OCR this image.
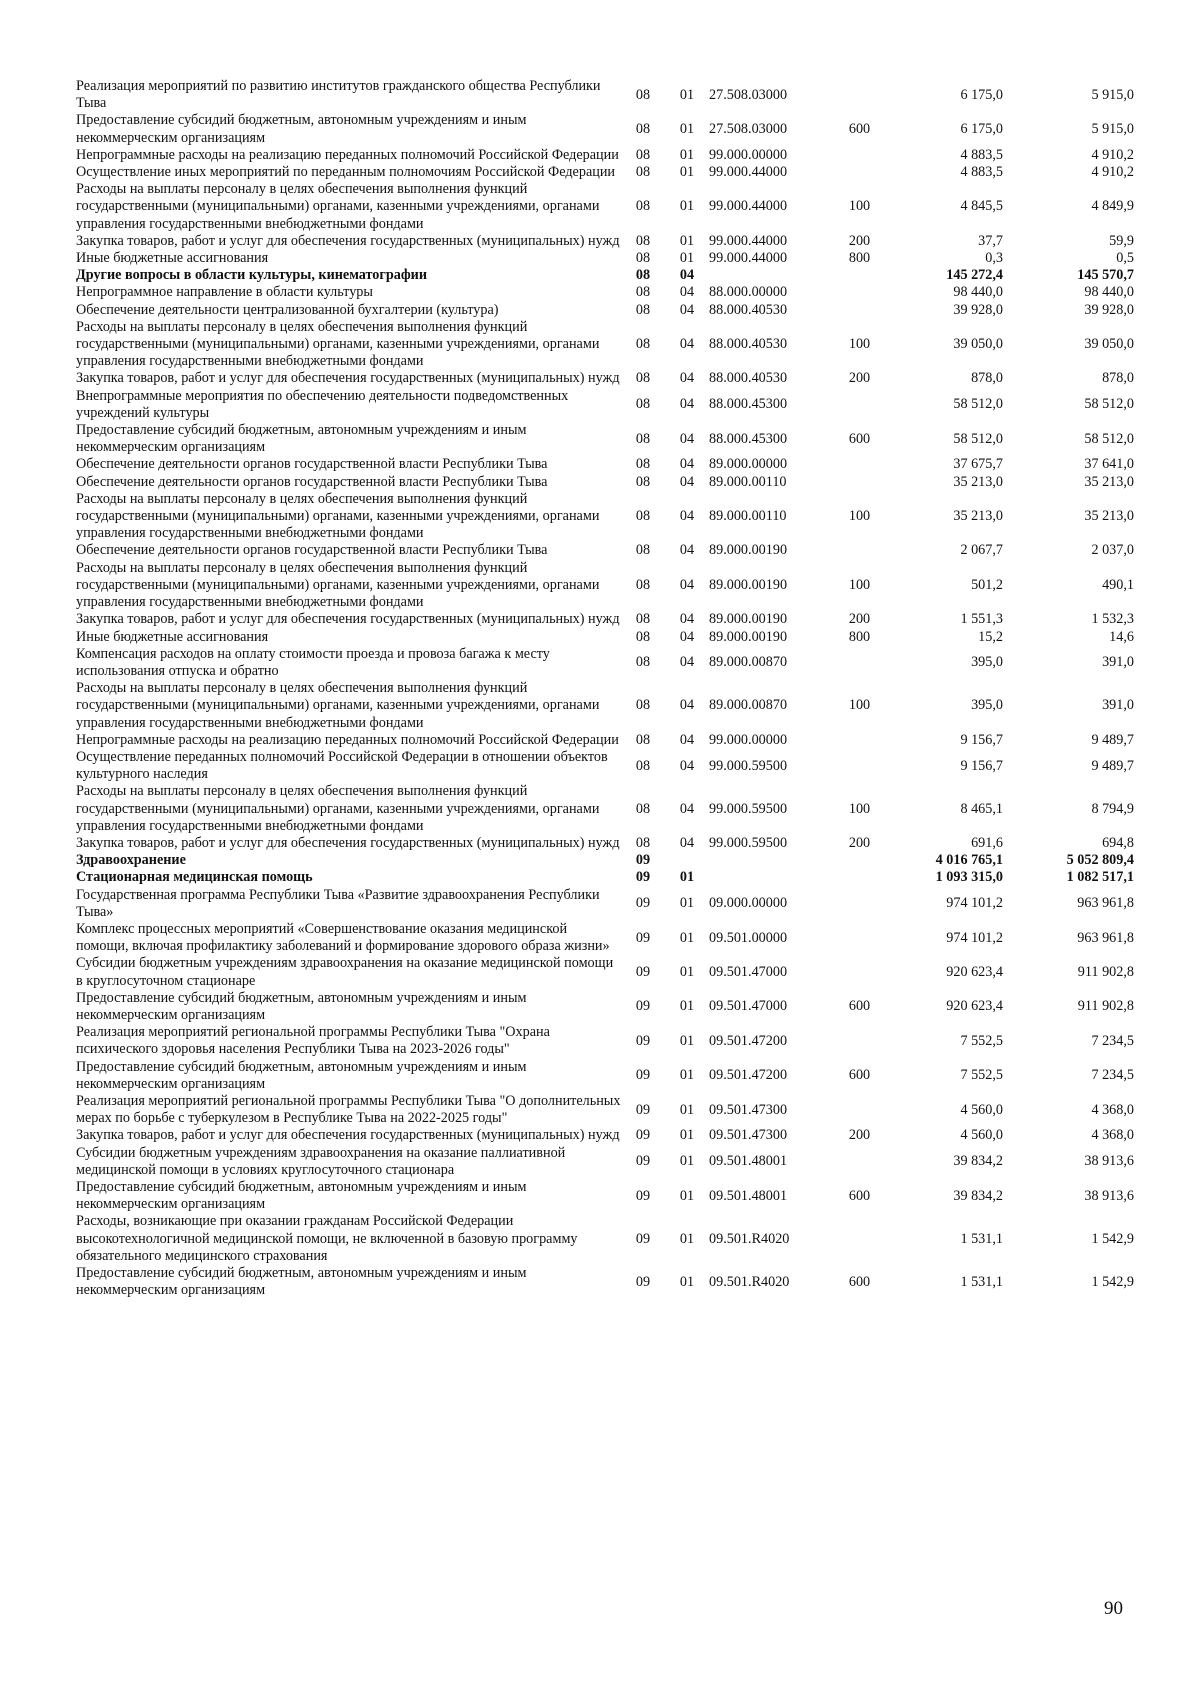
Реализация мероприятий по развитию институтов гражданского общества Республики Тыва	08	01	27.508.03000		6 175,0	5 915,0
Предоставление субсидий бюджетным, автономным учреждениям и иным некоммерческим организациям	08	01	27.508.03000	600	6 175,0	5 915,0
Непрограммные расходы на реализацию переданных полномочий Российской Федерации	08	01	99.000.00000		4 883,5	4 910,2
Осуществление иных мероприятий по переданным полномочиям Российской Федерации	08	01	99.000.44000		4 883,5	4 910,2
Расходы на выплаты персоналу в целях обеспечения выполнения функций государственными (муниципальными) органами, казенными учреждениями, органами управления государственными внебюджетными фондами	08	01	99.000.44000	100	4 845,5	4 849,9
Закупка товаров, работ и услуг для обеспечения государственных (муниципальных) нужд	08	01	99.000.44000	200	37,7	59,9
Иные бюджетные ассигнования	08	01	99.000.44000	800	0,3	0,5
Другие вопросы в области культуры, кинематографии	08	04			145 272,4	145 570,7
Непрограммное направление в области культуры	08	04	88.000.00000		98 440,0	98 440,0
Обеспечение деятельности централизованной бухгалтерии (культура)	08	04	88.000.40530		39 928,0	39 928,0
Расходы на выплаты персоналу в целях обеспечения выполнения функций государственными (муниципальными) органами, казенными учреждениями, органами управления государственными внебюджетными фондами	08	04	88.000.40530	100	39 050,0	39 050,0
Закупка товаров, работ и услуг для обеспечения государственных (муниципальных) нужд	08	04	88.000.40530	200	878,0	878,0
Внепрограммные мероприятия по обеспечению деятельности подведомственных учреждений культуры	08	04	88.000.45300		58 512,0	58 512,0
Предоставление субсидий бюджетным, автономным учреждениям и иным некоммерческим организациям	08	04	88.000.45300	600	58 512,0	58 512,0
Обеспечение деятельности органов государственной власти Республики Тыва	08	04	89.000.00000		37 675,7	37 641,0
Обеспечение деятельности органов государственной власти Республики Тыва	08	04	89.000.00110		35 213,0	35 213,0
Расходы на выплаты персоналу в целях обеспечения выполнения функций государственными (муниципальными) органами, казенными учреждениями, органами управления государственными внебюджетными фондами	08	04	89.000.00110	100	35 213,0	35 213,0
Обеспечение деятельности органов государственной власти Республики Тыва	08	04	89.000.00190		2 067,7	2 037,0
Расходы на выплаты персоналу в целях обеспечения выполнения функций государственными (муниципальными) органами, казенными учреждениями, органами управления государственными внебюджетными фондами	08	04	89.000.00190	100	501,2	490,1
Закупка товаров, работ и услуг для обеспечения государственных (муниципальных) нужд	08	04	89.000.00190	200	1 551,3	1 532,3
Иные бюджетные ассигнования	08	04	89.000.00190	800	15,2	14,6
Компенсация расходов на оплату стоимости проезда и провоза багажа к месту использования отпуска и обратно	08	04	89.000.00870		395,0	391,0
Расходы на выплаты персоналу в целях обеспечения выполнения функций государственными (муниципальными) органами, казенными учреждениями, органами управления государственными внебюджетными фондами	08	04	89.000.00870	100	395,0	391,0
Непрограммные расходы на реализацию переданных полномочий Российской Федерации	08	04	99.000.00000		9 156,7	9 489,7
Осуществление переданных полномочий Российской Федерации в отношении объектов культурного наследия	08	04	99.000.59500		9 156,7	9 489,7
Расходы на выплаты персоналу в целях обеспечения выполнения функций государственными (муниципальными) органами, казенными учреждениями, органами управления государственными внебюджетными фондами	08	04	99.000.59500	100	8 465,1	8 794,9
Закупка товаров, работ и услуг для обеспечения государственных (муниципальных) нужд	08	04	99.000.59500	200	691,6	694,8
Здравоохранение	09				4 016 765,1	5 052 809,4
Стационарная медицинская помощь	09	01			1 093 315,0	1 082 517,1
Государственная программа Республики Тыва «Развитие здравоохранения Республики Тыва»	09	01	09.000.00000		974 101,2	963 961,8
Комплекс процессных мероприятий «Совершенствование оказания медицинской помощи, включая профилактику заболеваний и формирование здорового образа жизни»	09	01	09.501.00000		974 101,2	963 961,8
Субсидии бюджетным учреждениям здравоохранения на оказание медицинской помощи в круглосуточном стационаре	09	01	09.501.47000		920 623,4	911 902,8
Предоставление субсидий бюджетным, автономным учреждениям и иным некоммерческим организациям	09	01	09.501.47000	600	920 623,4	911 902,8
Реализация мероприятий региональной программы Республики Тыва "Охрана психического здоровья населения Республики Тыва на 2023-2026 годы"	09	01	09.501.47200		7 552,5	7 234,5
Предоставление субсидий бюджетным, автономным учреждениям и иным некоммерческим организациям	09	01	09.501.47200	600	7 552,5	7 234,5
Реализация мероприятий региональной программы Республики Тыва "О дополнительных мерах по борьбе с туберкулезом в Республике Тыва на 2022-2025 годы"	09	01	09.501.47300		4 560,0	4 368,0
Закупка товаров, работ и услуг для обеспечения государственных (муниципальных) нужд	09	01	09.501.47300	200	4 560,0	4 368,0
Субсидии бюджетным учреждениям здравоохранения на оказание паллиативной медицинской помощи в условиях круглосуточного стационара	09	01	09.501.48001		39 834,2	38 913,6
Предоставление субсидий бюджетным, автономным учреждениям и иным некоммерческим организациям	09	01	09.501.48001	600	39 834,2	38 913,6
Расходы, возникающие при оказании гражданам Российской Федерации высокотехнологичной медицинской помощи, не включенной в базовую программу обязательного медицинского страхования	09	01	09.501.R4020		1 531,1	1 542,9
Предоставление субсидий бюджетным, автономным учреждениям и иным некоммерческим организациям	09	01	09.501.R4020	600	1 531,1	1 542,9
90
